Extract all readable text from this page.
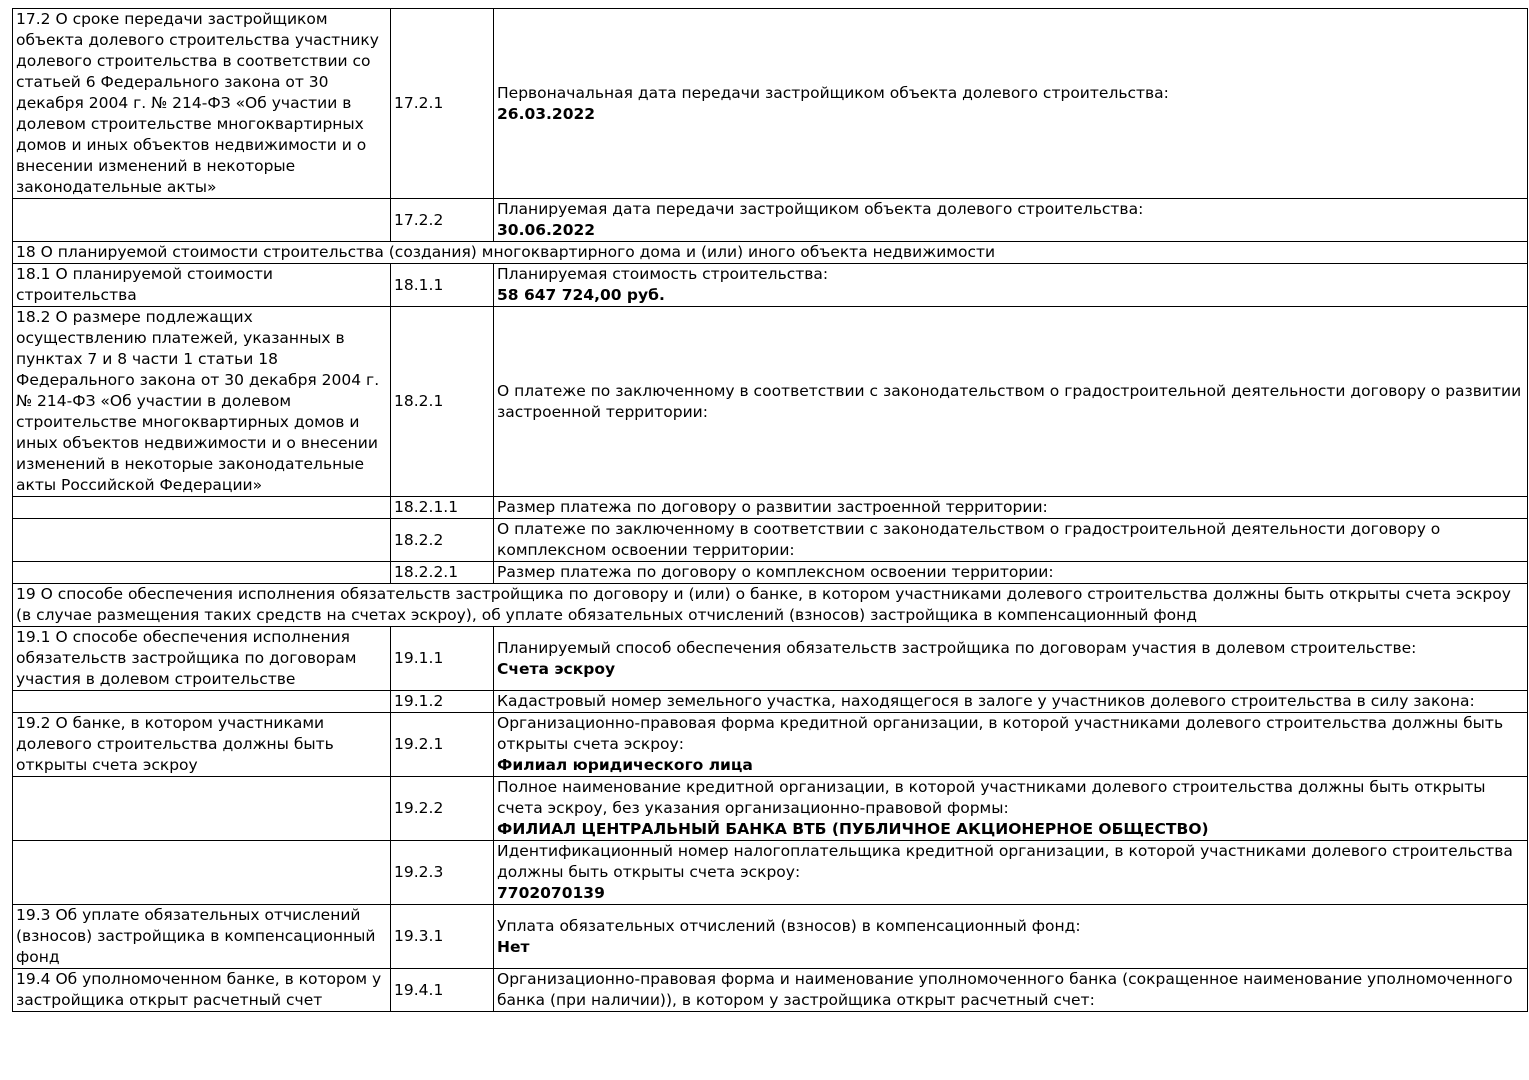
17.2 О сроке передачи застройщиком объекта долевого строительства участнику долевого строительства в соответствии со статьей 6 Федерального закона от 30 декабря 2004 г. № 214-ФЗ «Об участии в долевом строительстве многоквартирных домов и иных объектов недвижимости и о внесении изменений в некоторые законодательные акты»	17.2.1	Первоначальная дата передачи застройщиком объекта долевого строительства:
26.03.2022

	17.2.2	Планируемая дата передачи застройщиком объекта долевого строительства:
30.06.2022

18 О планируемой стоимости строительства (создания) многоквартирного дома и (или) иного объекта недвижимости		
18.1 О планируемой стоимости строительства	18.1.1	Планируемая стоимость строительства:
58 647 724,00 руб.

18.2 О размере подлежащих осуществлению платежей, указанных в пунктах 7 и 8 части 1 статьи 18 Федерального закона от 30 декабря 2004 г. № 214-ФЗ «Об участии в долевом строительстве многоквартирных домов и иных объектов недвижимости и о внесении изменений в некоторые законодательные акты Российской Федерации»	18.2.1	О платеже по заключенному в соответствии с законодательством о градостроительной деятельности договору о развитии застроенной территории:

	18.2.1.1	Размер платежа по договору о развитии застроенной территории:

	18.2.2	О платеже по заключенному в соответствии с законодательством о градостроительной деятельности договору о комплексном освоении территории:

	18.2.2.1	Размер платежа по договору о комплексном освоении территории:

19 О способе обеспечения исполнения обязательств застройщика по договору и (или) о банке, в котором участниками долевого строительства должны быть открыты счета эскроу (в случае размещения таких средств на счетах эскроу), об уплате обязательных отчислений (взносов) застройщика в компенсационный фонд		
19.1 О способе обеспечения исполнения обязательств застройщика по договорам участия в долевом строительстве	19.1.1	Планируемый способ обеспечения обязательств застройщика по договорам участия в долевом строительстве:
Счета эскроу

	19.1.2	Кадастровый номер земельного участка, находящегося в залоге у участников долевого строительства в силу закона:

19.2 О банке, в котором участниками долевого строительства должны быть открыты счета эскроу	19.2.1	Организационно-правовая форма кредитной организации, в которой участниками долевого строительства должны быть открыты счета эскроу:
Филиал юридического лица

	19.2.2	Полное наименование кредитной организации, в которой участниками долевого строительства должны быть открыты счета эскроу, без указания организационно-правовой формы:
ФИЛИАЛ ЦЕНТРАЛЬНЫЙ БАНКА ВТБ (ПУБЛИЧНОЕ АКЦИОНЕРНОЕ ОБЩЕСТВО)

	19.2.3	Идентификационный номер налогоплательщика кредитной организации, в которой участниками долевого строительства должны быть открыты счета эскроу:
7702070139

19.3 Об уплате обязательных отчислений (взносов) застройщика в компенсационный фонд	19.3.1	Уплата обязательных отчислений (взносов) в компенсационный фонд:
Нет

19.4 Об уполномоченном банке, в котором у застройщика открыт расчетный счет	19.4.1	Организационно-правовая форма и наименование уполномоченного банка (сокращенное наименование уполномоченного банка (при наличии)), в котором у застройщика открыт расчетный счет:
